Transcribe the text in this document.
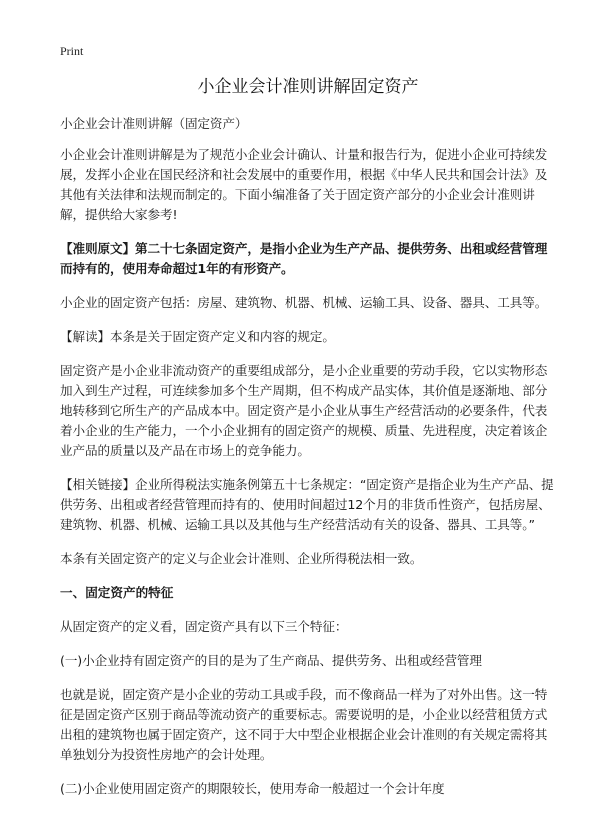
Print
小企业会计准则讲解固定资产

小企业会计准则讲解（固定资产）

小企业会计准则讲解是为了规范小企业会计确认、计量和报告行为，促进小企业可持续发展，发挥小企业在国民经济和社会发展中的重要作用，根据《中华人民共和国会计法》及其他有关法律和法规而制定的。下面小编准备了关于固定资产部分的小企业会计准则讲解，提供给大家参考!

【准则原文】第二十七条固定资产，是指小企业为生产产品、提供劳务、出租或经营管理而持有的，使用寿命超过1年的有形资产。

小企业的固定资产包括：房屋、建筑物、机器、机械、运输工具、设备、器具、工具等。

【解读】本条是关于固定资产定义和内容的规定。

固定资产是小企业非流动资产的重要组成部分，是小企业重要的劳动手段，它以实物形态加入到生产过程，可连续参加多个生产周期，但不构成产品实体，其价值是逐渐地、部分地转移到它所生产的产品成本中。固定资产是小企业从事生产经营活动的必要条件，代表着小企业的生产能力，一个小企业拥有的固定资产的规模、质量、先进程度，决定着该企业产品的质量以及产品在市场上的竞争能力。

【相关链接】企业所得税法实施条例第五十七条规定：“固定资产是指企业为生产产品、提供劳务、出租或者经营管理而持有的、使用时间超过12个月的非货币性资产，包括房屋、建筑物、机器、机械、运输工具以及其他与生产经营活动有关的设备、器具、工具等。”

本条有关固定资产的定义与企业会计准则、企业所得税法相一致。

一、固定资产的特征

从固定资产的定义看，固定资产具有以下三个特征：

(一)小企业持有固定资产的目的是为了生产商品、提供劳务、出租或经营管理

也就是说，固定资产是小企业的劳动工具或手段，而不像商品一样为了对外出售。这一特征是固定资产区别于商品等流动资产的重要标志。需要说明的是，小企业以经营租赁方式出租的建筑物也属于固定资产，这不同于大中型企业根据企业会计准则的有关规定需将其单独划分为投资性房地产的会计处理。

(二)小企业使用固定资产的期限较长，使用寿命一般超过一个会计年度
